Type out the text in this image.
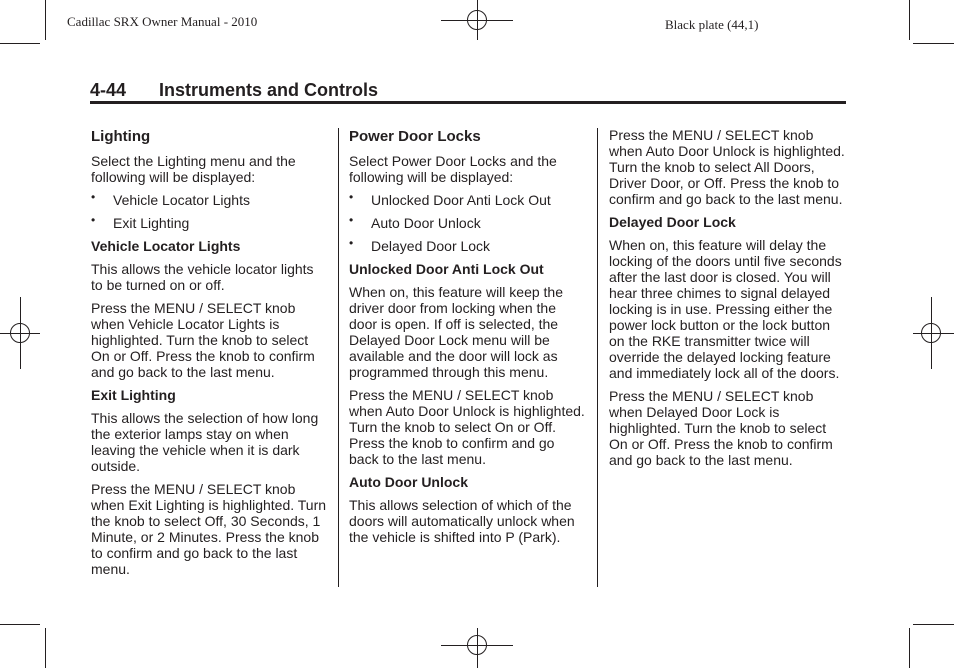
Cadillac SRX Owner Manual - 2010	Black plate (44,1)
4-44 Instruments and Controls
Lighting

Select the Lighting menu and the following will be displayed:

• Vehicle Locator Lights
• Exit Lighting
Vehicle Locator Lights

This allows the vehicle locator lights to be turned on or off.

Press the MENU / SELECT knob when Vehicle Locator Lights is highlighted. Turn the knob to select On or Off. Press the knob to confirm and go back to the last menu.

Exit Lighting

This allows the selection of how long the exterior lamps stay on when leaving the vehicle when it is dark outside.

Press the MENU / SELECT knob when Exit Lighting is highlighted. Turn the knob to select Off, 30 Seconds, 1 Minute, or 2 Minutes. Press the knob to confirm and go back to the last menu.

Power Door Locks

Select Power Door Locks and the following will be displayed:

• Unlocked Door Anti Lock Out
• Auto Door Unlock
• Delayed Door Lock
Unlocked Door Anti Lock Out

When on, this feature will keep the driver door from locking when the door is open. If off is selected, the Delayed Door Lock menu will be available and the door will lock as programmed through this menu.

Press the MENU / SELECT knob when Auto Door Unlock is highlighted. Turn the knob to select On or Off. Press the knob to confirm and go back to the last menu.

Auto Door Unlock

This allows selection of which of the doors will automatically unlock when the vehicle is shifted into P (Park).

Press the MENU / SELECT knob when Auto Door Unlock is highlighted. Turn the knob to select All Doors, Driver Door, or Off. Press the knob to confirm and go back to the last menu.

Delayed Door Lock

When on, this feature will delay the locking of the doors until five seconds after the last door is closed. You will hear three chimes to signal delayed locking is in use. Pressing either the power lock button or the lock button on the RKE transmitter twice will override the delayed locking feature and immediately lock all of the doors.

Press the MENU / SELECT knob when Delayed Door Lock is highlighted. Turn the knob to select On or Off. Press the knob to confirm and go back to the last menu.
